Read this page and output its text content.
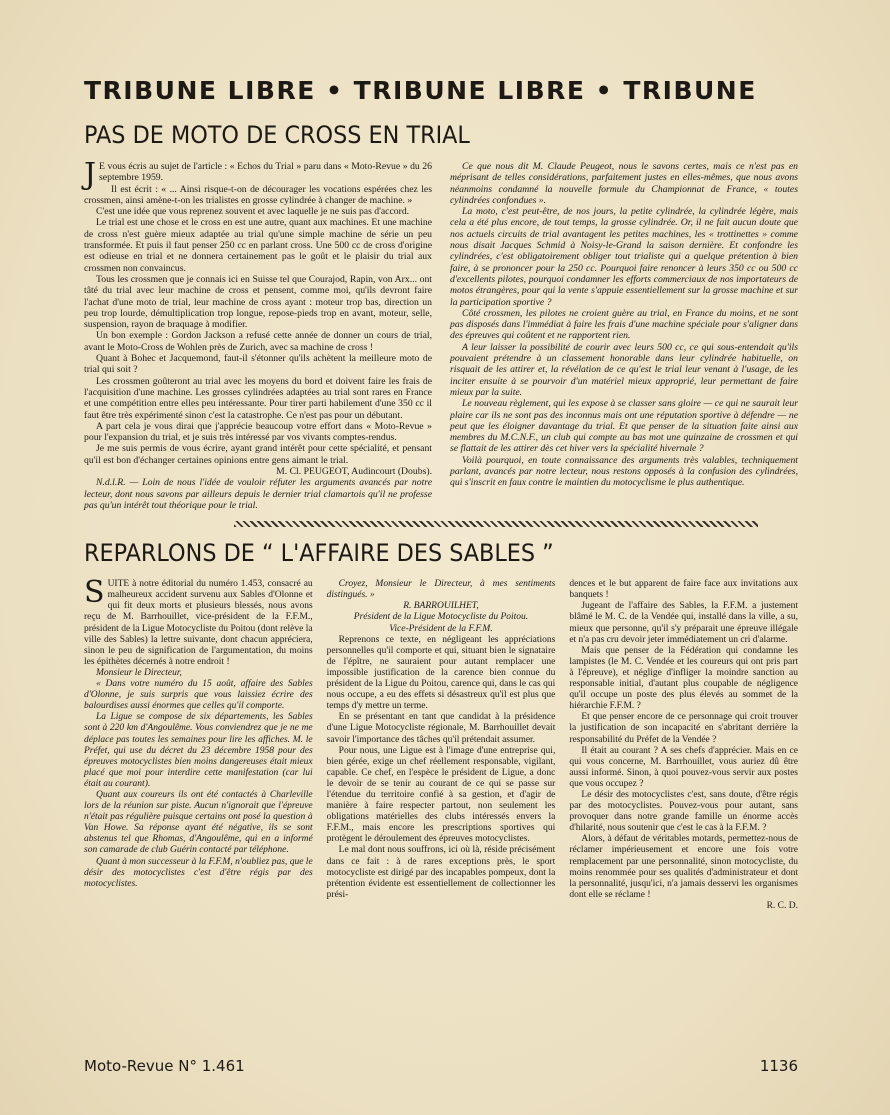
TRIBUNE LIBRE • TRIBUNE LIBRE • TRIBUNE
PAS DE MOTO DE CROSS EN TRIAL
J E vous écris au sujet de l'article : « Echos du Trial » paru dans « Moto-Revue » du 26 septembre 1959.

Il est écrit : « ... Ainsi risque-t-on de décourager les vocations espérées chez les crossmen, ainsi amène-t-on les trialistes en grosse cylindrée à changer de machine. »

C'est une idée que vous reprenez souvent et avec laquelle je ne suis pas d'accord.

Le trial est une chose et le cross en est une autre, quant aux machines. Et une machine de cross n'est guère mieux adaptée au trial qu'une simple machine de série un peu transformée. Et puis il faut penser 250 cc en parlant cross. Une 500 cc de cross d'origine est odieuse en trial et ne donnera certainement pas le goût et le plaisir du trial aux crossmen non convaincus.

Tous les crossmen que je connais ici en Suisse tel que Courajod, Rapin, von Arx... ont tâté du trial avec leur machine de cross et pensent, comme moi, qu'ils devront faire l'achat d'une moto de trial, leur machine de cross ayant : moteur trop bas, direction un peu trop lourde, démultiplication trop longue, repose-pieds trop en avant, moteur, selle, suspension, rayon de braquage à modifier.

Un bon exemple : Gordon Jackson a refusé cette année de donner un cours de trial, avant le Moto-Cross de Wohlen près de Zurich, avec sa machine de cross !

Quant à Bohec et Jacquemond, faut-il s'étonner qu'ils achètent la meilleure moto de trial qui soit ?

Les crossmen goûteront au trial avec les moyens du bord et doivent faire les frais de l'acquisition d'une machine. Les grosses cylindrées adaptées au trial sont rares en France et une compétition entre elles peu intéressante. Pour tirer parti habilement d'une 350 cc il faut être très expérimenté sinon c'est la catastrophe. Ce n'est pas pour un débutant.

A part cela je vous dirai que j'apprécie beaucoup votre effort dans « Moto-Revue » pour l'expansion du trial, et je suis très intéressé par vos vivants comptes-rendus.

Je me suis permis de vous écrire, ayant grand intérêt pour cette spécialité, et pensant qu'il est bon d'échanger certaines opinions entre gens aimant le trial.

M. Cl. PEUGEOT, Audincourt (Doubs).

N.d.l.R. — Loin de nous l'idée de vouloir réfuter les arguments avancés par notre lecteur, dont nous savons par ailleurs depuis le dernier trial clamartois qu'il ne professe pas qu'un intérêt tout théorique pour le trial.

Ce que nous dit M. Claude Peugeot, nous le savons certes, mais ce n'est pas en méprisant de telles considérations, parfaitement justes en elles-mêmes, que nous avons néanmoins condamné la nouvelle formule du Championnat de France, « toutes cylindrées confondues ».

La moto, c'est peut-être, de nos jours, la petite cylindrée, la cylindrée légère, mais cela a été plus encore, de tout temps, la grosse cylindrée. Or, il ne fait aucun doute que nos actuels circuits de trial avantagent les petites machines, les « trottinettes » comme nous disait Jacques Schmid à Noisy-le-Grand la saison dernière. Et confondre les cylindrées, c'est obligatoirement obliger tout trialiste qui a quelque prétention à bien faire, à se prononcer pour la 250 cc. Pourquoi faire renoncer à leurs 350 cc ou 500 cc d'excellents pilotes, pourquoi condamner les efforts commerciaux de nos importateurs de motos étrangères, pour qui la vente s'appuie essentiellement sur la grosse machine et sur la participation sportive ?

Côté crossmen, les pilotes ne croient guère au trial, en France du moins, et ne sont pas disposés dans l'immédiat à faire les frais d'une machine spéciale pour s'aligner dans des épreuves qui coûtent et ne rapportent rien.

A leur laisser la possibilité de courir avec leurs 500 cc, ce qui sous-entendait qu'ils pouvaient prétendre à un classement honorable dans leur cylindrée habituelle, on risquait de les attirer et, la révélation de ce qu'est le trial leur venant à l'usage, de les inciter ensuite à se pourvoir d'un matériel mieux approprié, leur permettant de faire mieux par la suite.

Le nouveau règlement, qui les expose à se classer sans gloire — ce qui ne saurait leur plaire car ils ne sont pas des inconnus mais ont une réputation sportive à défendre — ne peut que les éloigner davantage du trial. Et que penser de la situation faite ainsi aux membres du M.C.N.F., un club qui compte au bas mot une quinzaine de crossmen et qui se flattait de les attirer dès cet hiver vers la spécialité hivernale ?

Voilà pourquoi, en toute connaissance des arguments très valables, techniquement parlant, avancés par notre lecteur, nous restons opposés à la confusion des cylindrées, qui s'inscrit en faux contre le maintien du motocyclisme le plus authentique.

REPARLONS DE “ L'AFFAIRE DES SABLES ”
S UITE à notre éditorial du numéro 1.453, consacré au malheureux accident survenu aux Sables d'Olonne et qui fit deux morts et plusieurs blessés, nous avons reçu de M. Barrhouillet, vice-président de la F.F.M., président de la Ligue Motocycliste du Poitou (dont relève la ville des Sables) la lettre suivante, dont chacun appréciera, sinon le peu de signification de l'argumentation, du moins les épithètes décernés à notre endroit !

Monsieur le Directeur,

« Dans votre numéro du 15 août, affaire des Sables d'Olonne, je suis surpris que vous laissiez écrire des balourdises aussi énormes que celles qu'il comporte.

La Ligue se compose de six départements, les Sables sont à 220 km d'Angoulême. Vous conviendrez que je ne me déplace pas toutes les semaines pour lire les affiches. M. le Préfet, qui use du décret du 23 décembre 1958 pour des épreuves motocyclistes bien moins dangereuses était mieux placé que moi pour interdire cette manifestation (car lui était au courant).

Quant aux coureurs ils ont été contactés à Charleville lors de la réunion sur piste. Aucun n'ignorait que l'épreuve n'était pas régulière puisque certains ont posé la question à Van Howe. Sa réponse ayant été négative, ils se sont abstenus tel que Rhomas, d'Angoulême, qui en a informé son camarade de club Guérin contacté par téléphone.

Quant à mon successeur à la F.F.M, n'oubliez pas, que le désir des motocyclistes c'est d'être régis par des motocyclistes.

Croyez, Monsieur le Directeur, à mes sentiments distingués. »

R. BARROUILHET,

Président de la Ligue Motocycliste du Poitou.

Vice-Président de la F.F.M.

Reprenons ce texte, en négligeant les appréciations personnelles qu'il comporte et qui, situant bien le signataire de l'épître, ne sauraient pour autant remplacer une impossible justification de la carence bien connue du président de la Ligue du Poitou, carence qui, dans le cas qui nous occupe, a eu des effets si désastreux qu'il est plus que temps d'y mettre un terme.

En se présentant en tant que candidat à la présidence d'une Ligue Motocycliste régionale, M. Barrhouillet devait savoir l'importance des tâches qu'il prétendait assumer.

Pour nous, une Ligue est à l'image d'une entreprise qui, bien gérée, exige un chef réellement responsable, vigilant, capable. Ce chef, en l'espèce le président de Ligue, a donc le devoir de se tenir au courant de ce qui se passe sur l'étendue du territoire confié à sa gestion, et d'agir de manière à faire respecter partout, non seulement les obligations matérielles des clubs intéressés envers la F.F.M., mais encore les prescriptions sportives qui protègent le déroulement des épreuves motocyclistes.

Le mal dont nous souffrons, ici où là, réside précisément dans ce fait : à de rares exceptions près, le sport motocycliste est dirigé par des incapables pompeux, dont la prétention évidente est essentiellement de collectionner les prési-

dences et le but apparent de faire face aux invitations aux banquets !

Jugeant de l'affaire des Sables, la F.F.M. a justement blâmé le M. C. de la Vendée qui, installé dans la ville, a su, mieux que personne, qu'il s'y préparait une épreuve illégale et n'a pas cru devoir jeter immédiatement un cri d'alarme.

Mais que penser de la Fédération qui condamne les lampistes (le M. C. Vendée et les coureurs qui ont pris part à l'épreuve), et néglige d'infliger la moindre sanction au responsable initial, d'autant plus coupable de négligence qu'il occupe un poste des plus élevés au sommet de la hiérarchie F.F.M. ?

Et que penser encore de ce personnage qui croit trouver la justification de son incapacité en s'abritant derrière la responsabilité du Préfet de la Vendée ?

Il était au courant ? A ses chefs d'apprécier. Mais en ce qui vous concerne, M. Barrhouillet, vous auriez dû être aussi informé. Sinon, à quoi pouvez-vous servir aux postes que vous occupez ?

Le désir des motocyclistes c'est, sans doute, d'être régis par des motocyclistes. Pouvez-vous pour autant, sans provoquer dans notre grande famille un énorme accès d'hilarité, nous soutenir que c'est le cas à la F.F.M. ?

Alors, à défaut de véritables motards, permettez-nous de réclamer impérieusement et encore une fois votre remplacement par une personnalité, sinon motocycliste, du moins renommée pour ses qualités d'administrateur et dont la personnalité, jusqu'ici, n'a jamais desservi les organismes dont elle se réclame !

R. C. D.

Moto-Revue N° 1.461	1136
